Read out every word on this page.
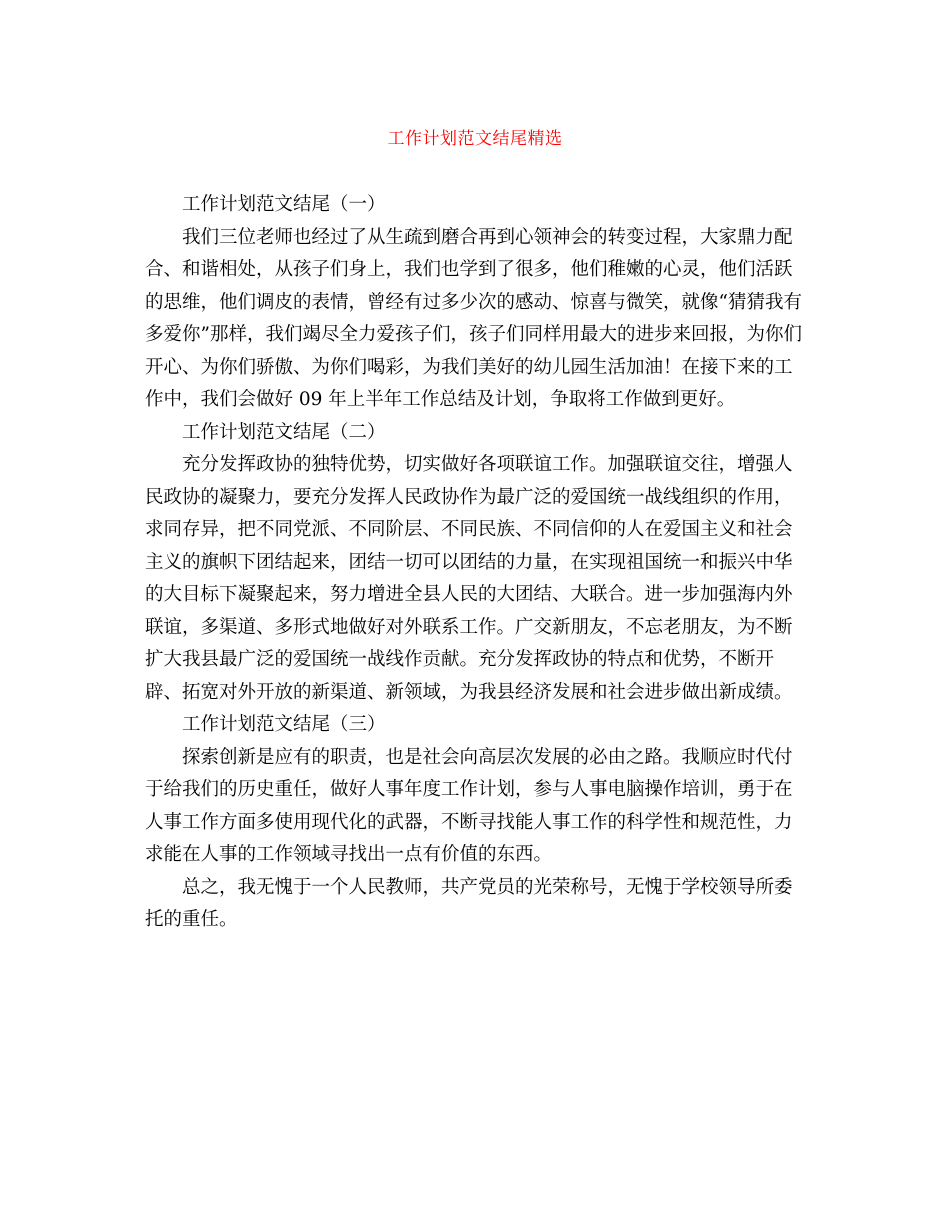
工作计划范文结尾精选

工作计划范文结尾（一）

我们三位老师也经过了从生疏到磨合再到心领神会的转变过程，大家鼎力配

合、和谐相处，从孩子们身上，我们也学到了很多，他们稚嫩的心灵，他们活跃

的思维，他们调皮的表情，曾经有过多少次的感动、惊喜与微笑，就像“猜猜我有

多爱你”那样，我们竭尽全力爱孩子们，孩子们同样用最大的进步来回报，为你们

开心、为你们骄傲、为你们喝彩，为我们美好的幼儿园生活加油！在接下来的工

作中，我们会做好 09 年上半年工作总结及计划，争取将工作做到更好。

工作计划范文结尾（二）

充分发挥政协的独特优势，切实做好各项联谊工作。加强联谊交往，增强人

民政协的凝聚力，要充分发挥人民政协作为最广泛的爱国统一战线组织的作用，

求同存异，把不同党派、不同阶层、不同民族、不同信仰的人在爱国主义和社会

主义的旗帜下团结起来，团结一切可以团结的力量，在实现祖国统一和振兴中华

的大目标下凝聚起来，努力增进全县人民的大团结、大联合。进一步加强海内外

联谊，多渠道、多形式地做好对外联系工作。广交新朋友，不忘老朋友，为不断

扩大我县最广泛的爱国统一战线作贡献。充分发挥政协的特点和优势，不断开

辟、拓宽对外开放的新渠道、新领域，为我县经济发展和社会进步做出新成绩。

工作计划范文结尾（三）

探索创新是应有的职责，也是社会向高层次发展的必由之路。我顺应时代付

于给我们的历史重任，做好人事年度工作计划，参与人事电脑操作培训，勇于在

人事工作方面多使用现代化的武器，不断寻找能人事工作的科学性和规范性，力

求能在人事的工作领域寻找出一点有价值的东西。

总之，我无愧于一个人民教师，共产党员的光荣称号，无愧于学校领导所委

托的重任。
